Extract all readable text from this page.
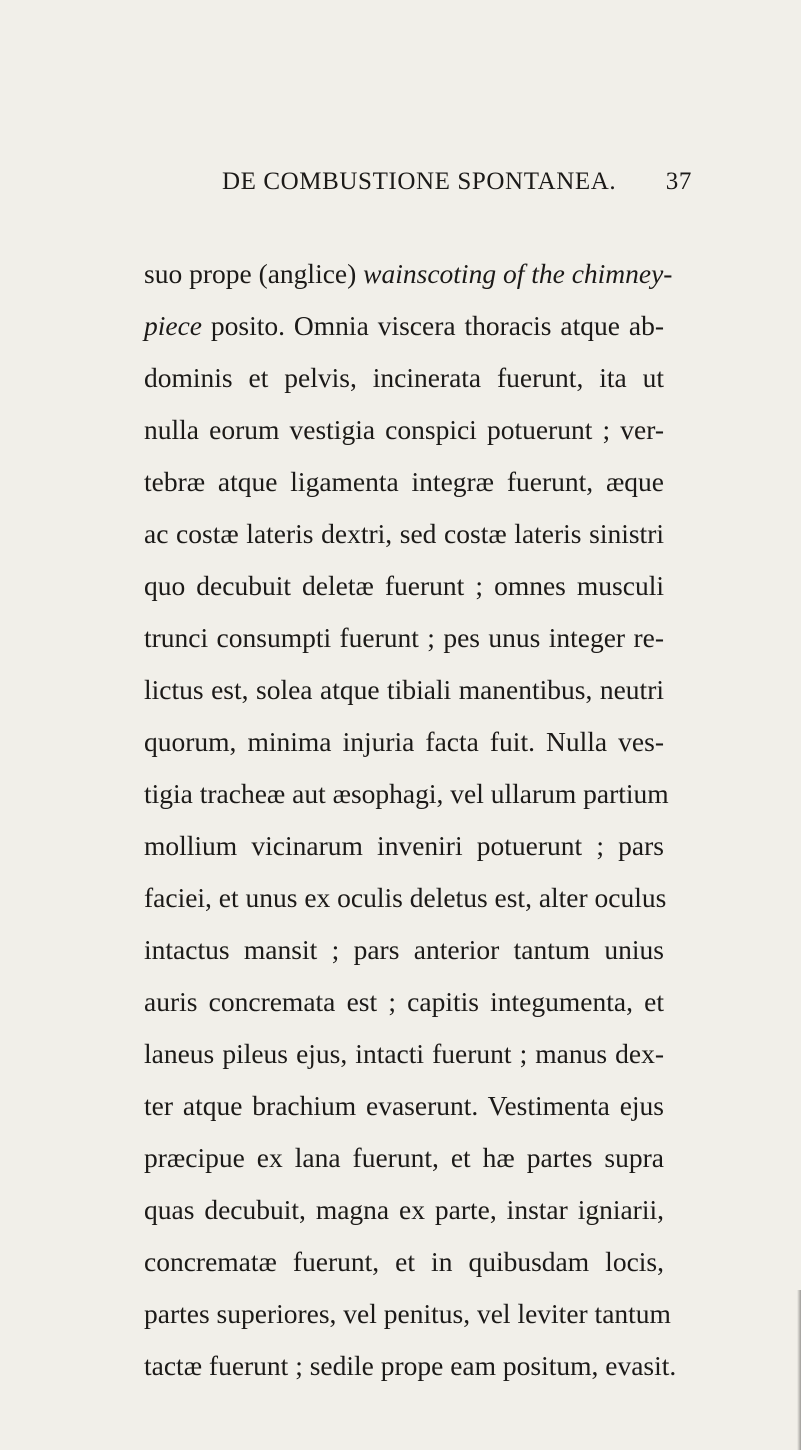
DE COMBUSTIONE SPONTANEA. 37
suo prope (anglice) wainscoting of the chimney-
piece posito. Omnia viscera thoracis atque ab-
dominis et pelvis, incinerata fuerunt, ita ut
nulla eorum vestigia conspici potuerunt ; ver-
tebræ atque ligamenta integræ fuerunt, æque
ac costæ lateris dextri, sed costæ lateris sinistri
quo decubuit deletæ fuerunt ; omnes musculi
trunci consumpti fuerunt ; pes unus integer re-
lictus est, solea atque tibiali manentibus, neutri
quorum, minima injuria facta fuit. Nulla ves-
tigia tracheæ aut æsophagi, vel ullarum partium
mollium vicinarum inveniri potuerunt ; pars
faciei, et unus ex oculis deletus est, alter oculus
intactus mansit ; pars anterior tantum unius
auris concremata est ; capitis integumenta, et
laneus pileus ejus, intacti fuerunt ; manus dex-
ter atque brachium evaserunt. Vestimenta ejus
præcipue ex lana fuerunt, et hæ partes supra
quas decubuit, magna ex parte, instar igniarii,
concrematæ fuerunt, et in quibusdam locis,
partes superiores, vel penitus, vel leviter tantum
tactæ fuerunt ; sedile prope eam positum, evasit.
